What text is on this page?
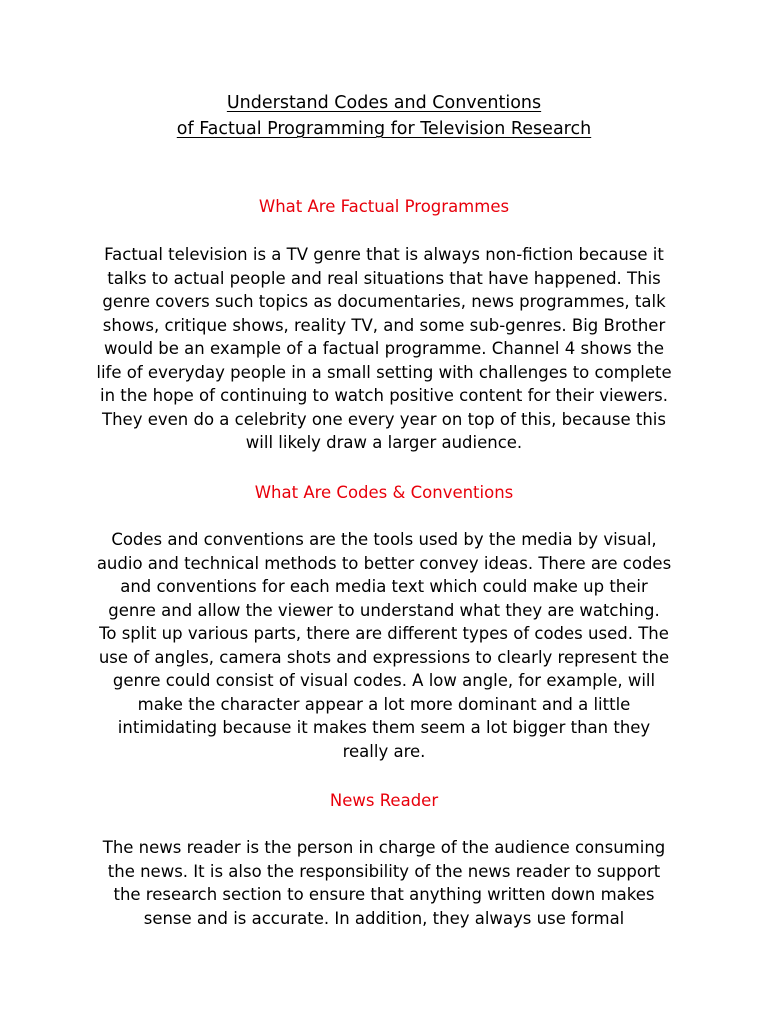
Understand Codes and Conventions
of Factual Programming for Television Research
What Are Factual Programmes
Factual television is a TV genre that is always non-fiction because it
talks to actual people and real situations that have happened. This
genre covers such topics as documentaries, news programmes, talk
shows, critique shows, reality TV, and some sub-genres. Big Brother
would be an example of a factual programme. Channel 4 shows the
life of everyday people in a small setting with challenges to complete
in the hope of continuing to watch positive content for their viewers.
They even do a celebrity one every year on top of this, because this
will likely draw a larger audience.
What Are Codes & Conventions
Codes and conventions are the tools used by the media by visual,
audio and technical methods to better convey ideas. There are codes
and conventions for each media text which could make up their
genre and allow the viewer to understand what they are watching.
To split up various parts, there are different types of codes used. The
use of angles, camera shots and expressions to clearly represent the
genre could consist of visual codes. A low angle, for example, will
make the character appear a lot more dominant and a little
intimidating because it makes them seem a lot bigger than they
really are.
News Reader
The news reader is the person in charge of the audience consuming
the news. It is also the responsibility of the news reader to support
the research section to ensure that anything written down makes
sense and is accurate. In addition, they always use formal
